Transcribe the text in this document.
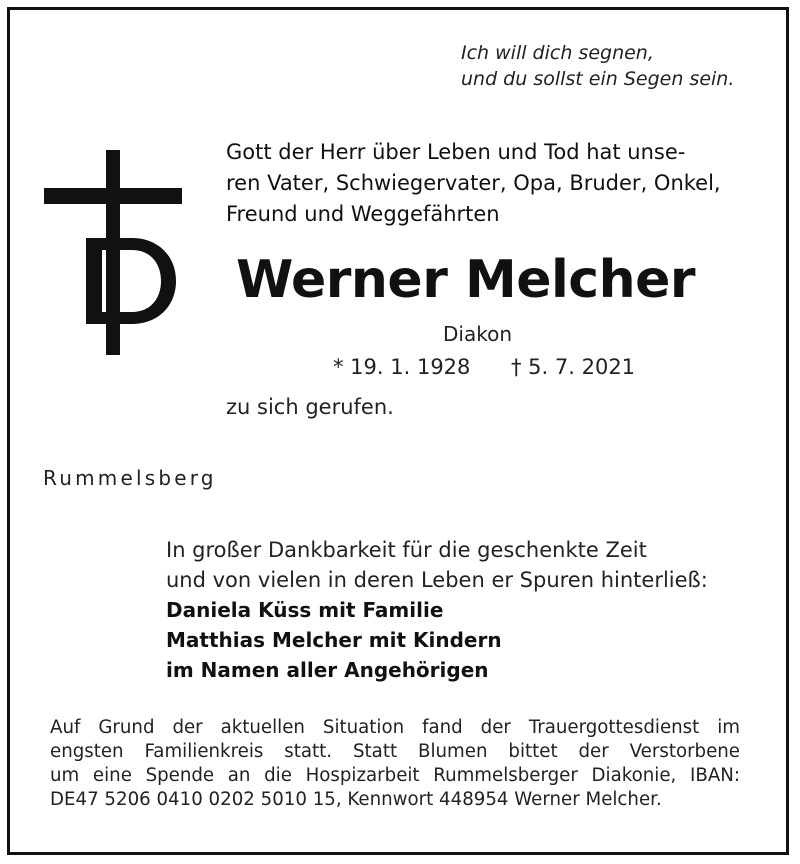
Ich will dich segnen,
und du sollst ein Segen sein.
Gott der Herr über Leben und Tod hat unse-
ren Vater, Schwiegervater, Opa, Bruder, Onkel,
Freund und Weggefährten
Werner Melcher
Diakon
* 19. 1. 1928 † 5. 7. 2021
zu sich gerufen.
Rummelsberg
In großer Dankbarkeit für die geschenkte Zeit
und von vielen in deren Leben er Spuren hinterließ:
Daniela Küss mit Familie
Matthias Melcher mit Kindern
im Namen aller Angehörigen
Auf Grund der aktuellen Situation fand der Trauergottesdienst im
engsten Familienkreis statt. Statt Blumen bittet der Verstorbene
um eine Spende an die Hospizarbeit Rummelsberger Diakonie, IBAN:
DE47 5206 0410 0202 5010 15, Kennwort 448954 Werner Melcher.
